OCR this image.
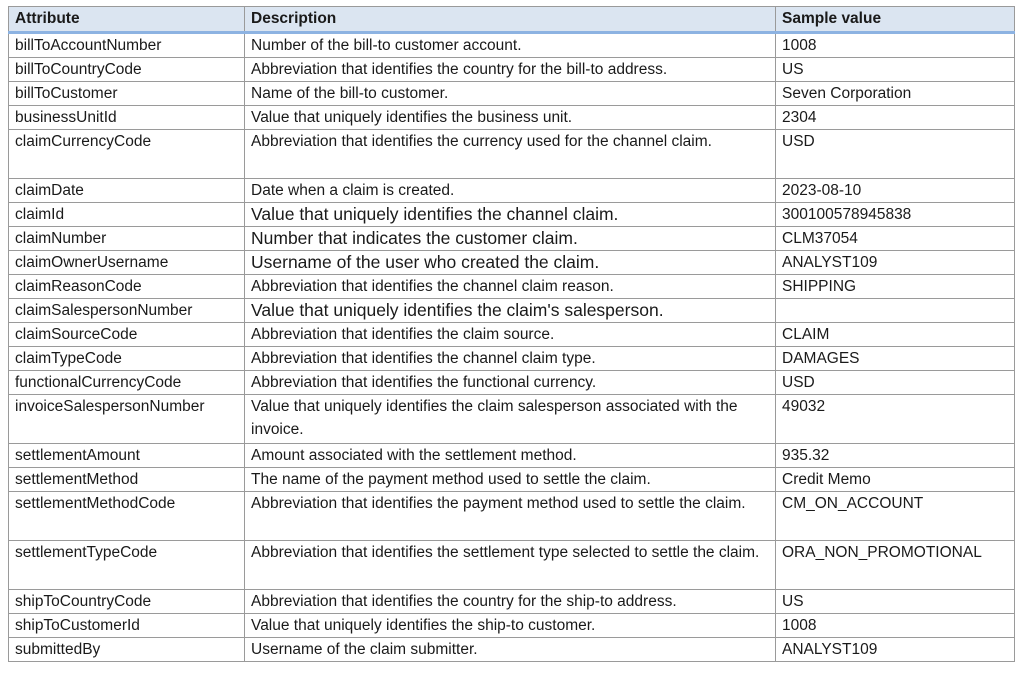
Attribute	Description	Sample value
billToAccountNumber	Number of the bill-to customer account.	1008
billToCountryCode	Abbreviation that identifies the country for the bill-to address.	US
billToCustomer	Name of the bill-to customer.	Seven Corporation
businessUnitId	Value that uniquely identifies the business unit.	2304
claimCurrencyCode	Abbreviation that identifies the currency used for the channel claim.	USD
claimDate	Date when a claim is created.	2023-08-10
claimId	Value that uniquely identifies the channel claim.	300100578945838
claimNumber	Number that indicates the customer claim.	CLM37054
claimOwnerUsername	Username of the user who created the claim.	ANALYST109
claimReasonCode	Abbreviation that identifies the channel claim reason.	SHIPPING
claimSalespersonNumber	Value that uniquely identifies the claim's salesperson.	
claimSourceCode	Abbreviation that identifies the claim source.	CLAIM
claimTypeCode	Abbreviation that identifies the channel claim type.	DAMAGES
functionalCurrencyCode	Abbreviation that identifies the functional currency.	USD
invoiceSalespersonNumber	Value that uniquely identifies the claim salesperson associated with the invoice.	49032
settlementAmount	Amount associated with the settlement method.	935.32
settlementMethod	The name of the payment method used to settle the claim.	Credit Memo
settlementMethodCode	Abbreviation that identifies the payment method used to settle the claim.	CM_ON_ACCOUNT
settlementTypeCode	Abbreviation that identifies the settlement type selected to settle the claim.	ORA_NON_PROMOTIONAL
shipToCountryCode	Abbreviation that identifies the country for the ship-to address.	US
shipToCustomerId	Value that uniquely identifies the ship-to customer.	1008
submittedBy	Username of the claim submitter.	ANALYST109
